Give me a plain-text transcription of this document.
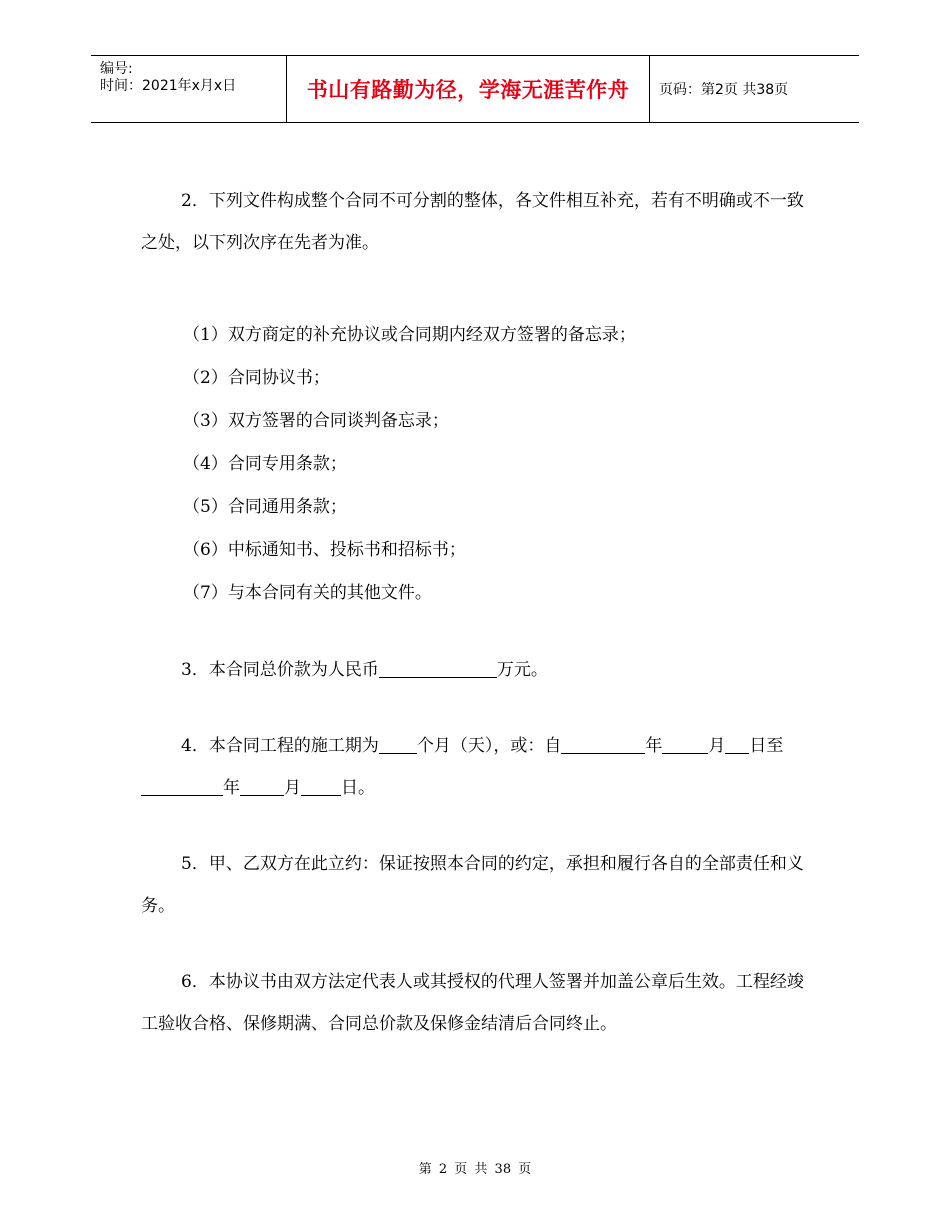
编号:
时间：2021年x月x日	书山有路勤为径，学海无涯苦作舟	页码：第2页 共38页
2．下列文件构成整个合同不可分割的整体，各文件相互补充，若有不明确或不一致之处，以下列次序在先者为准。
（1）双方商定的补充协议或合同期内经双方签署的备忘录；
（2）合同协议书；
（3）双方签署的合同谈判备忘录；
（4）合同专用条款；
（5）合同通用条款；
（6）中标通知书、投标书和招标书；
（7）与本合同有关的其他文件。
3．本合同总价款为人民币	万元。
4．本合同工程的施工期为 个月（天），或：自	年	月 日至年	月 日。
5．甲、乙双方在此立约：保证按照本合同的约定，承担和履行各自的全部责任和义务。
6．本协议书由双方法定代表人或其授权的代理人签署并加盖公章后生效。工程经竣工验收合格、保修期满、合同总价款及保修金结清后合同终止。
第 2 页 共 38 页
